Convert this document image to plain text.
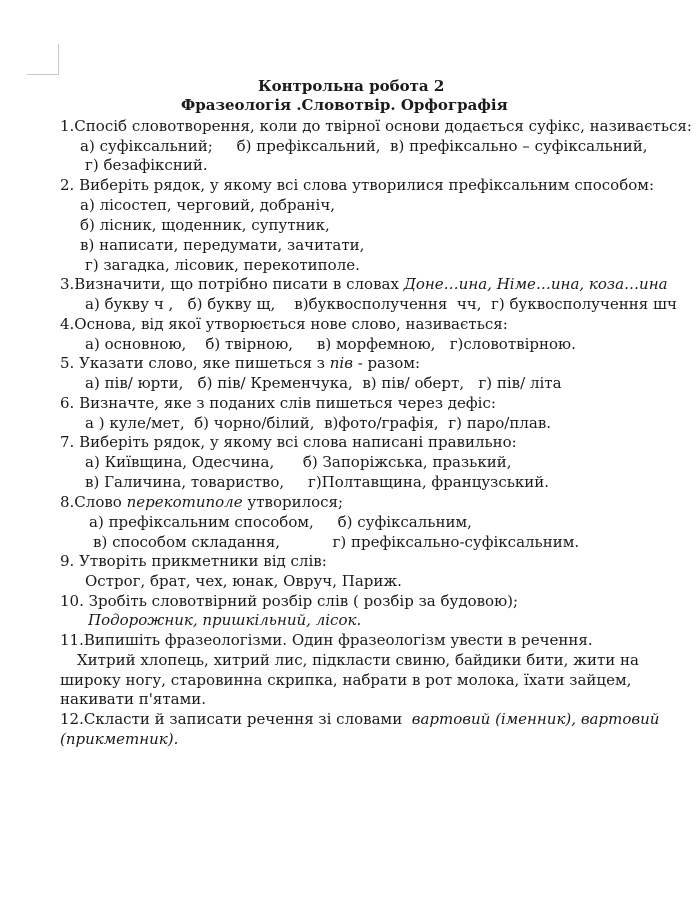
Контрольна робота 2
Фразеологія .Словотвір. Орфографія
1.Спосіб словотворення, коли до твірної основи додається суфікс, називається:
а) суфіксальний;     б) префіксальний,  в) префіксально – суфіксальний,
г) безафіксний.
2. Виберіть рядок, у якому всі слова утворилися префіксальним способом:
а) лісостеп, черговий, добраніч,
б) лісник, щоденник, супутник,
в) написати, передумати, зачитати,
г) загадка, лісовик, перекотиполе.
3.Визначити, що потрібно писати в словах Доне…ина, Німе…ина, коза…ина
а) букву ч ,   б) букву щ,    в)буквосполучення  чч,  г) буквосполучення шч
4.Основа, від якої утворюється нове слово, називається:
а) основною,    б) твірною,     в) морфемною,   г)словотвірною.
5. Указати слово, яке пишеться з пів - разом:
а) пів/ юрти,   б) пів/ Кременчука,  в) пів/ оберт,   г) пів/ літа
6. Визначте, яке з поданих слів пишеться через дефіс:
а ) куле/мет,  б) чорно/білий,  в)фото/графія,  г) паро/плав.
7. Виберіть рядок, у якому всі слова написані правильно:
а) Київщина, Одесчина,      б) Запоріжська, празький,
в) Галичина, товариство,     г)Полтавщина, французський.
8.Слово перекотиполе утворилося;
а) префіксальним способом,     б) суфіксальним,
в) способом складання,           г) префіксально-суфіксальним.
9. Утворіть прикметники від слів:
Острог, брат, чех, юнак, Овруч, Париж.
10. Зробіть словотвірний розбір слів ( розбір за будовою);
Подорожник, пришкільний, лісок.
11.Випишіть фразеологізми. Один фразеологізм увести в речення.
Хитрий хлопець, хитрий лис, підкласти свиню, байдики бити, жити на
широку ногу, старовинна скрипка, набрати в рот молока, їхати зайцем,
накивати п'ятами.
12.Скласти й записати речення зі словами  вартовий (іменник), вартовий
(прикметник).
